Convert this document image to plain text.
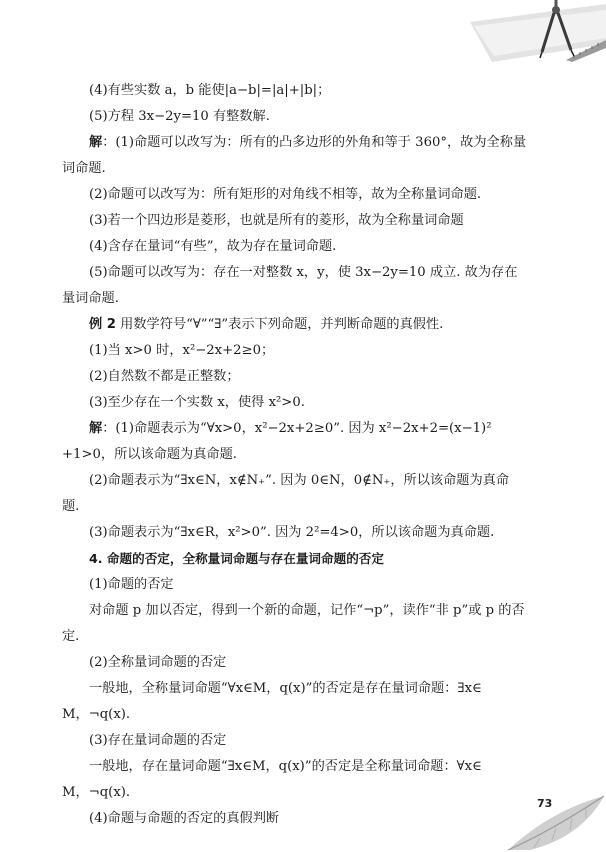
(4)有些实数 a，b 能使|a−b|=|a|+|b|；
(5)方程 3x−2y=10 有整数解.
解：(1)命题可以改写为：所有的凸多边形的外角和等于 360°，故为全称量
词命题.
(2)命题可以改写为：所有矩形的对角线不相等，故为全称量词命题.
(3)若一个四边形是菱形，也就是所有的菱形，故为全称量词命题
(4)含存在量词“有些”，故为存在量词命题.
(5)命题可以改写为：存在一对整数 x，y，使 3x−2y=10 成立. 故为存在
量词命题.
例 2 用数学符号“∀”“∃”表示下列命题，并判断命题的真假性.
(1)当 x>0 时，x²−2x+2≥0；
(2)自然数不都是正整数；
(3)至少存在一个实数 x，使得 x²>0.
解：(1)命题表示为“∀x>0，x²−2x+2≥0”. 因为 x²−2x+2=(x−1)²
+1>0，所以该命题为真命题.
(2)命题表示为“∃x∈N，x∉N₊”. 因为 0∈N，0∉N₊，所以该命题为真命
题.
(3)命题表示为“∃x∈R，x²>0”. 因为 2²=4>0，所以该命题为真命题.
4. 命题的否定，全称量词命题与存在量词命题的否定
(1)命题的否定
对命题 p 加以否定，得到一个新的命题，记作“¬p”，读作“非 p”或 p 的否
定.
(2)全称量词命题的否定
一般地，全称量词命题“∀x∈M，q(x)”的否定是存在量词命题：∃x∈
M，¬q(x).
(3)存在量词命题的否定
一般地，存在量词命题“∃x∈M，q(x)”的否定是全称量词命题：∀x∈
M，¬q(x).
(4)命题与命题的否定的真假判断
73
